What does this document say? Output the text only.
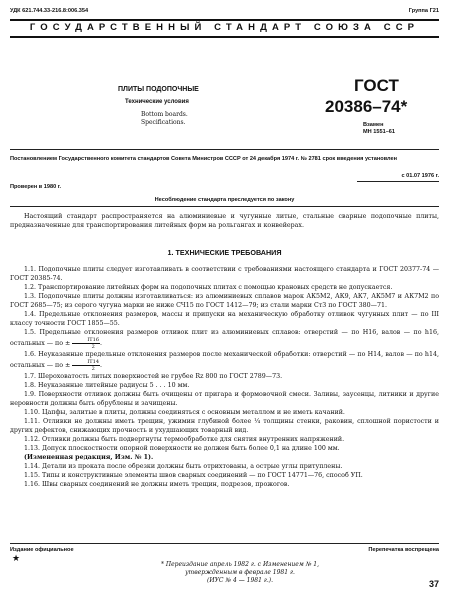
УДК 621.744.33-216.8:006.354	Группа Г21
ГОСУДАРСТВЕННЫЙ СТАНДАРТ СОЮЗА ССР
ПЛИТЫ ПОДОПОЧНЫЕ
Технические условия
Bottom boards.
Specifications.
ГОСТ
20386–74*
Взамен
МН 1551–61
Постановлением Государственного комитета стандартов Совета Министров СССР от 24 декабря 1974 г. № 2781 срок введения установлен
с 01.07 1976 г.
Проверен в 1980 г.
Несоблюдение стандарта преследуется по закону

Настоящий стандарт распространяется на алюминиевые и чугунные литые, стальные сварные подопочные плиты, предназначенные для транспортирования литейных форм на рольгангах и конвейерах.

1. ТЕХНИЧЕСКИЕ ТРЕБОВАНИЯ

1.1. Подопочные плиты следует изготавливать в соответствии с требованиями настоящего стандарта и ГОСТ 20377-74 — ГОСТ 20385-74.

1.2. Транспортирование литейных форм на подопочных плитах с помощью крановых средств не допускается.

1.3. Подопочные плиты должны изготавливаться: из алюминиевых сплавов марок АК5М2, АК9, АК7, АК5М7 и АК7М2 по ГОСТ 2685—75; из серого чугуна марки не ниже СЧ15 по ГОСТ 1412—79; из стали марки Ст3 по ГОСТ 380—71.

1.4. Предельные отклонения размеров, массы и припуски на механическую обработку отливок чугунных плит — по III классу точности ГОСТ 1855—55.

1.5. Предельные отклонения размеров отливок плит из алюминиевых сплавов: отверстий — по H16, валов — по h16, остальных — по ± $\frac{IT16}{2}$ .

1.6. Неуказанные предельные отклонения размеров после механической обработки: отверстий — по H14, валов — по h14, остальных — по ± $\frac{IT14}{2}$ .

1.7. Шероховатость литых поверхностей не грубее Rz 800 по ГОСТ 2789—73.

1.8. Неуказанные литейные радиусы 5 . . . 10 мм.

1.9. Поверхности отливок должны быть очищены от пригара и формовочной смеси. Заливы, заусенцы, литники и другие неровности должны быть обрублены и зачищены.

1.10. Цапфы, залитые в плиты, должны соединяться с основным металлом и не иметь качаний.

1.11. Отливки не должны иметь трещин, ужимин глубиной более ¼ толщины стенки, раковин, сплошной пористости и других дефектов, снижающих прочность и ухудшающих товарный вид.

1.12. Отливки должны быть подвергнуты термообработке для снятия внутренних напряжений.

1.13. Допуск плоскостности опорной поверхности не должен быть более 0,1 на длине 100 мм.

(Измененная редакция, Изм. № 1).

1.14. Детали из проката после обрезки должны быть отрихтованы, а острые углы притуплены.

1.15. Типы и конструктивные элементы швов сварных соединений — по ГОСТ 14771—76, способ УП.

1.16. Швы сварных соединений не должны иметь трещин, подрезов, прожогов.

Издание официальное
★
Перепечатка воспрещена
* Переиздание апрель 1982 г. с Изменением № 1,
утвержденным в феврале 1981 г.
(ИУС № 4 — 1981 г.).	37
